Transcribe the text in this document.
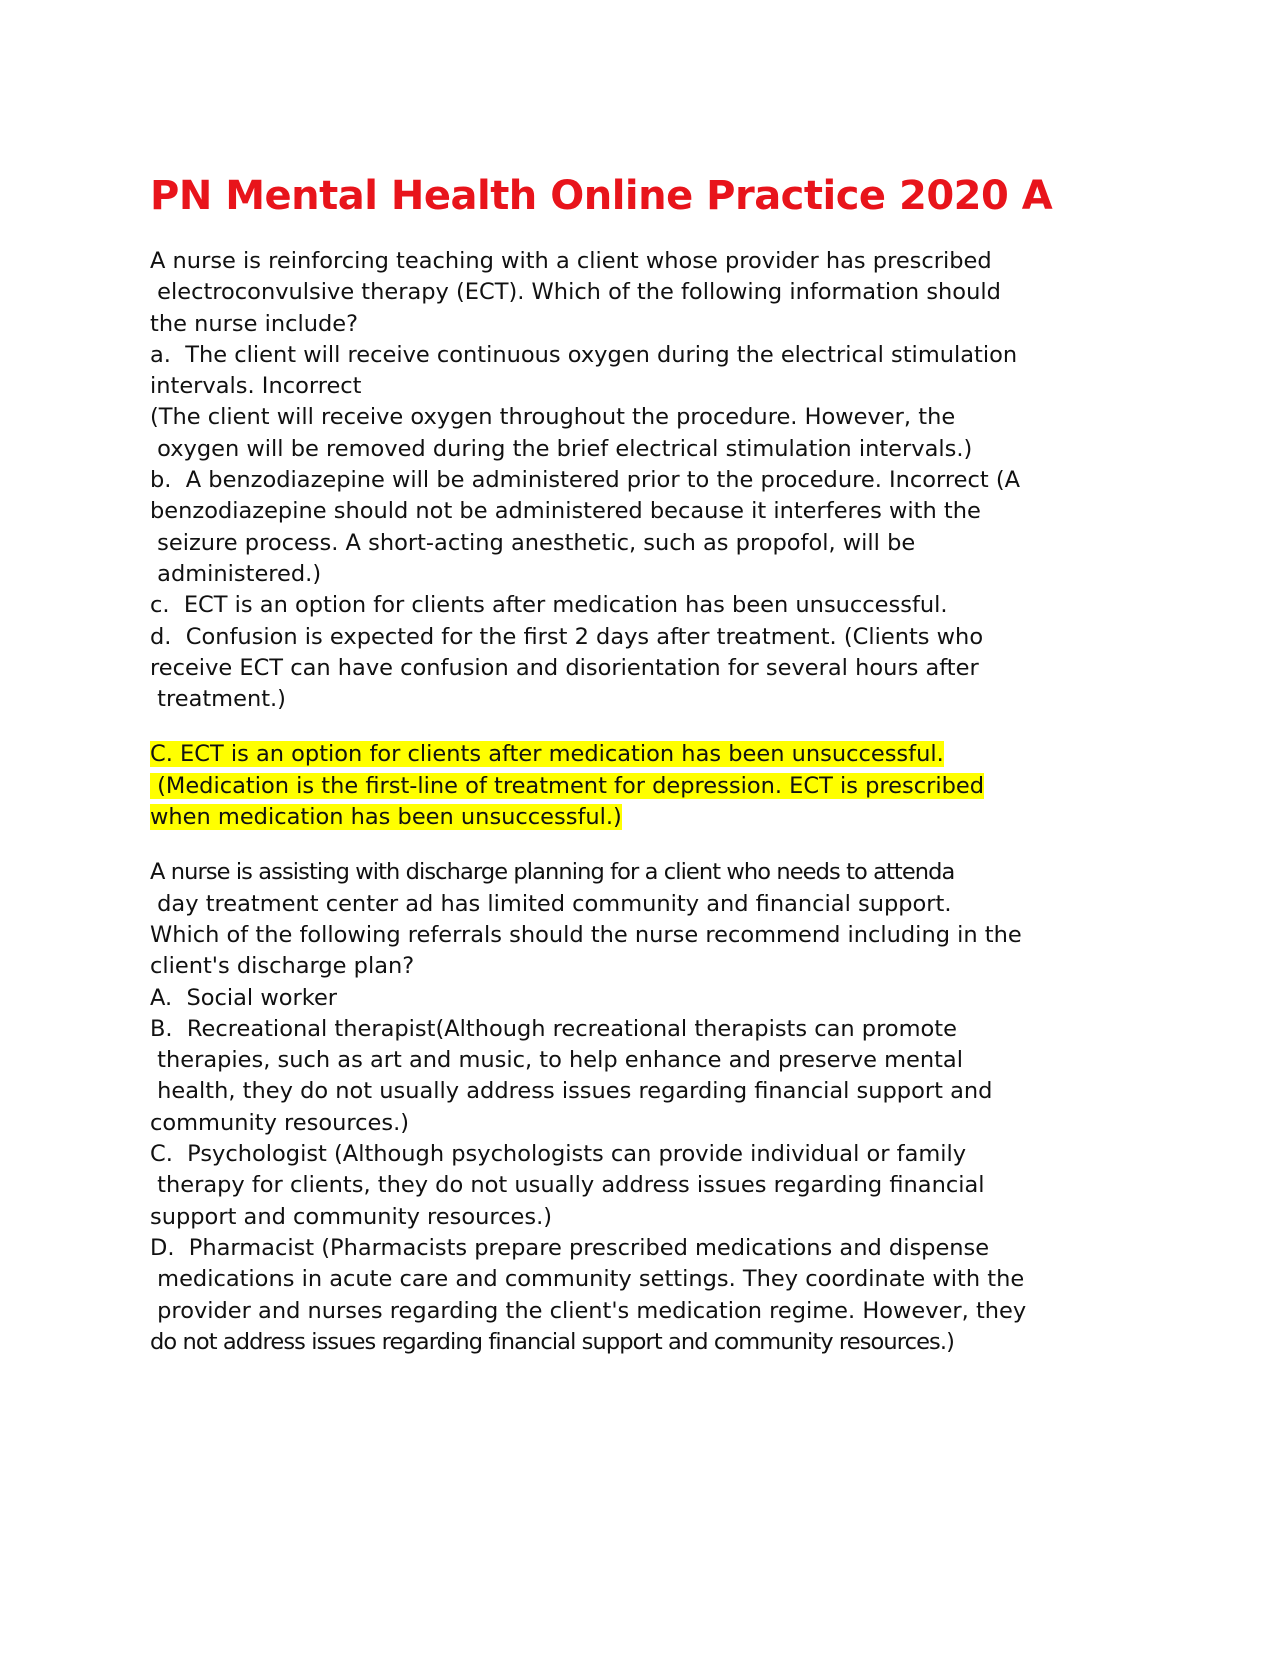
PN Mental Health Online Practice 2020 A
A nurse is reinforcing teaching with a client whose provider has prescribed
electroconvulsive therapy (ECT). Which of the following information should
the nurse include?
a.  The client will receive continuous oxygen during the electrical stimulation
intervals. Incorrect
(The client will receive oxygen throughout the procedure. However, the
oxygen will be removed during the brief electrical stimulation intervals.)
b.  A benzodiazepine will be administered prior to the procedure. Incorrect (A
benzodiazepine should not be administered because it interferes with the
seizure process. A short-acting anesthetic, such as propofol, will be
administered.)
c.  ECT is an option for clients after medication has been unsuccessful.
d.  Confusion is expected for the first 2 days after treatment. (Clients who
receive ECT can have confusion and disorientation for several hours after
treatment.)
C. ECT is an option for clients after medication has been unsuccessful.
(Medication is the first-line of treatment for depression. ECT is prescribed
when medication has been unsuccessful.)
A nurse is assisting with discharge planning for a client who needs to attenda
day treatment center ad has limited community and financial support.
Which of the following referrals should the nurse recommend including in the
client's discharge plan?
A.  Social worker
B.  Recreational therapist(Although recreational therapists can promote
therapies, such as art and music, to help enhance and preserve mental
health, they do not usually address issues regarding financial support and
community resources.)
C.  Psychologist (Although psychologists can provide individual or family
therapy for clients, they do not usually address issues regarding financial
support and community resources.)
D.  Pharmacist (Pharmacists prepare prescribed medications and dispense
medications in acute care and community settings. They coordinate with the
provider and nurses regarding the client's medication regime. However, they
do not address issues regarding financial support and community resources.)
